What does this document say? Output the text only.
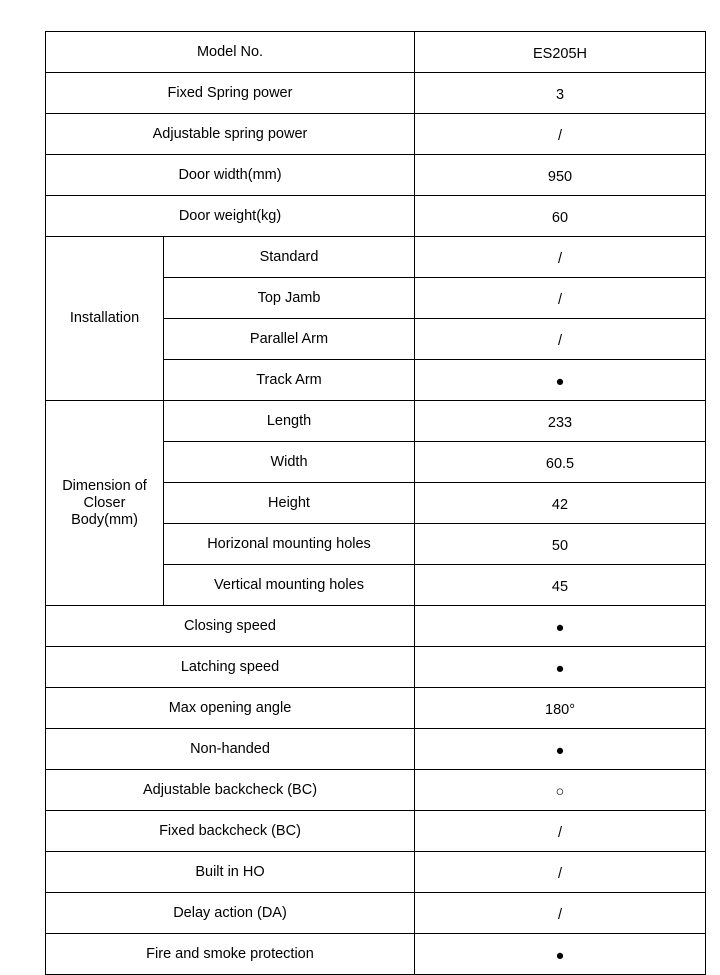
Model No.		ES205H
Fixed Spring power		3
Adjustable spring power		/
Door width(mm)		950
Door weight(kg)		60
Installation	Standard	/
	Top Jamb	/
	Parallel Arm	/
	Track Arm	●
Dimension of Closer Body(mm)	Length	233
	Width	60.5
	Height	42
	Horizonal mounting holes	50
	Vertical mounting holes	45
Closing speed		●
Latching speed		●
Max opening angle		180°
Non-handed		●
Adjustable backcheck (BC)		○
Fixed backcheck (BC)		/
Built in HO		/
Delay action (DA)		/
Fire and smoke protection		●
